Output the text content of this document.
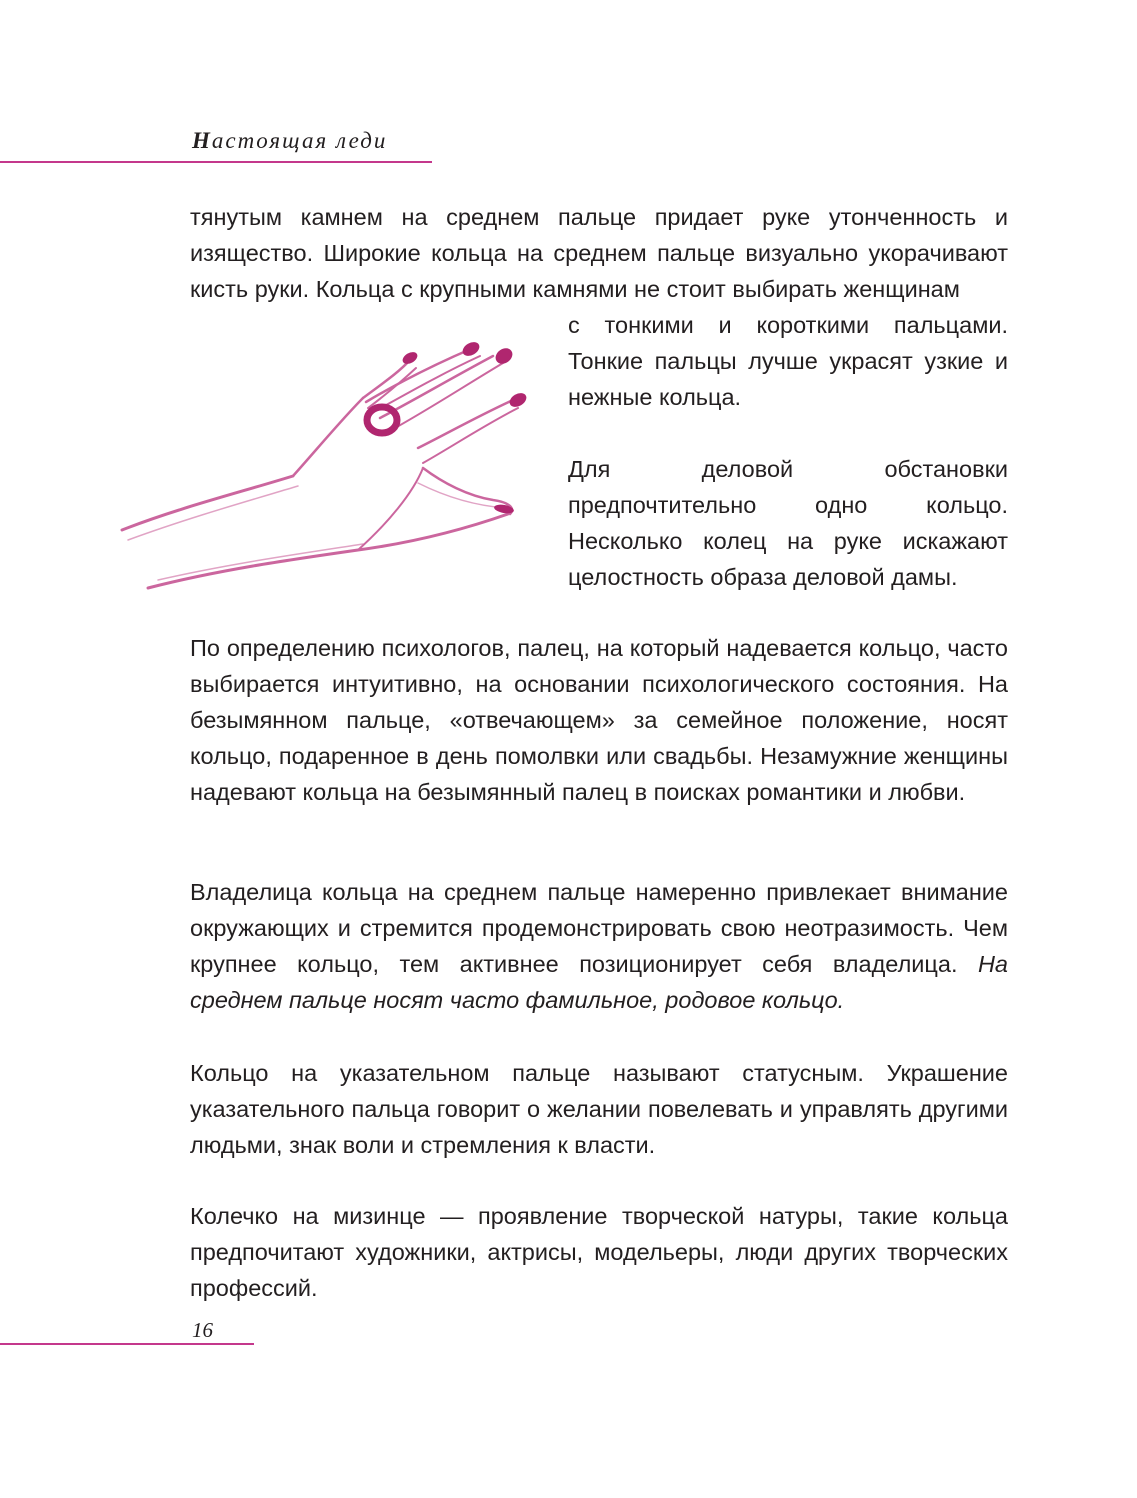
Настоящая леди

тянутым камнем на среднем пальце придает руке утонченность и изящество. Широкие кольца на среднем пальце визуально укорачивают кисть руки. Кольца с крупными камнями не стоит выбирать женщинам

с тонкими и короткими пальцами. Тонкие пальцы лучше украсят узкие и нежные кольца.

Для деловой обстановки предпочтительно одно кольцо. Несколько колец на руке искажают целостность образа деловой дамы.

По определению психологов, палец, на который надевается кольцо, часто выбирается интуитивно, на основании психологического состояния. На безымянном пальце, «отвечающем» за семейное положение, носят кольцо, подаренное в день помолвки или свадьбы. Незамужние женщины надевают кольца на безымянный палец в поисках романтики и любви.

Владелица кольца на среднем пальце намеренно привлекает внимание окружающих и стремится продемонстрировать свою неотразимость. Чем крупнее кольцо, тем активнее позиционирует себя владелица. На среднем пальце носят часто фамильное, родовое кольцо.

Кольцо на указательном пальце называют статусным. Украшение указательного пальца говорит о желании повелевать и управлять другими людьми, знак воли и стремления к власти.

Колечко на мизинце — проявление творческой натуры, такие кольца предпочитают художники, актрисы, модельеры, люди других творческих профессий.

16
